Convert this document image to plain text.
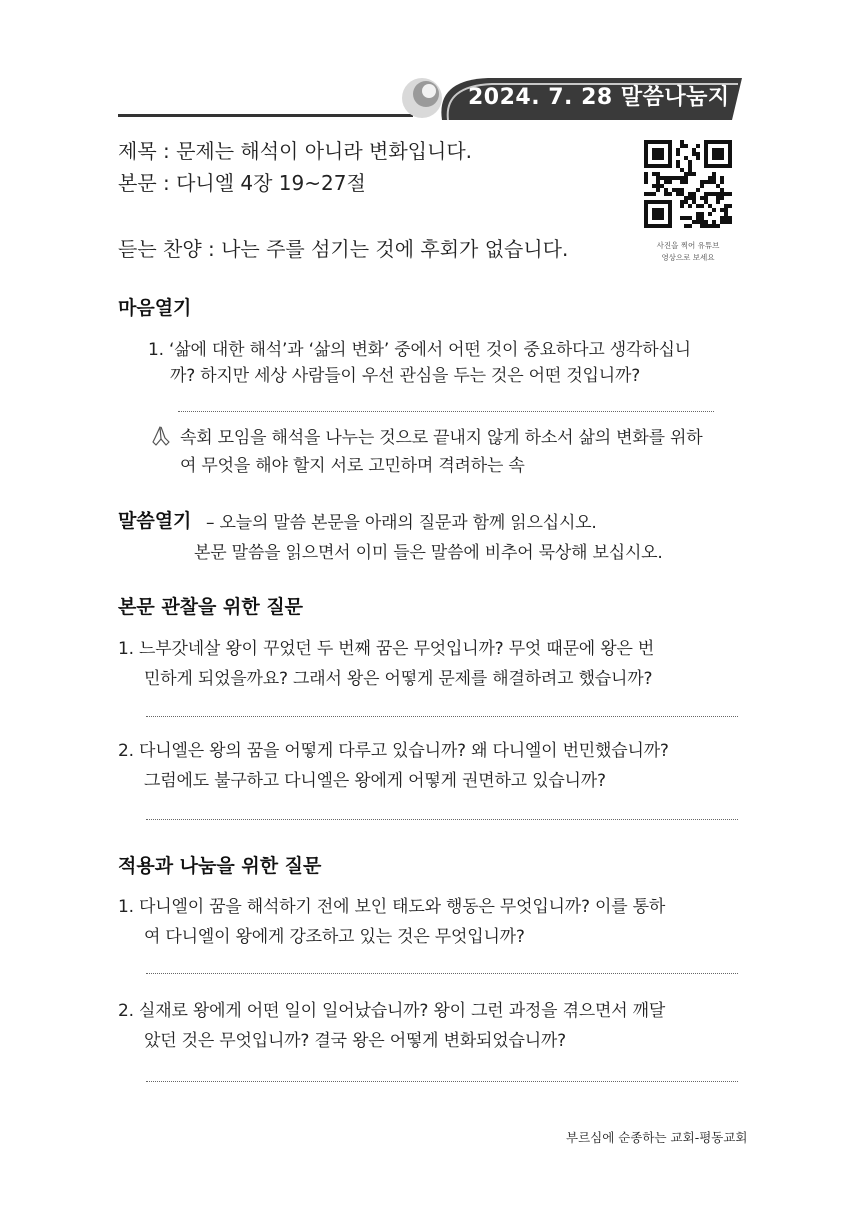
2024. 7. 28 말씀나눔지
제목 : 문제는 해석이 아니라 변화입니다.
본문 : 다니엘 4장 19~27절
듣는 찬양 : 나는 주를 섬기는 것에 후회가 없습니다.	사진을 찍어 유튜브
영상으로 보세요
마음열기
1. ‘삶에 대한 해석’과 ‘삶의 변화’ 중에서 어떤 것이 중요하다고 생각하십니
까? 하지만 세상 사람들이 우선 관심을 두는 것은 어떤 것입니까?
속회 모임을 해석을 나누는 것으로 끝내지 않게 하소서 삶의 변화를 위하
여 무엇을 해야 할지 서로 고민하며 격려하는 속
말씀열기 – 오늘의 말씀 본문을 아래의 질문과 함께 읽으십시오.
본문 말씀을 읽으면서 이미 들은 말씀에 비추어 묵상해 보십시오.
본문 관찰을 위한 질문
1. 느부갓네살 왕이 꾸었던 두 번째 꿈은 무엇입니까? 무엇 때문에 왕은 번
민하게 되었을까요? 그래서 왕은 어떻게 문제를 해결하려고 했습니까?
2. 다니엘은 왕의 꿈을 어떻게 다루고 있습니까? 왜 다니엘이 번민했습니까?
그럼에도 불구하고 다니엘은 왕에게 어떻게 권면하고 있습니까?
적용과 나눔을 위한 질문
1. 다니엘이 꿈을 해석하기 전에 보인 태도와 행동은 무엇입니까? 이를 통하
여 다니엘이 왕에게 강조하고 있는 것은 무엇입니까?
2. 실재로 왕에게 어떤 일이 일어났습니까? 왕이 그런 과정을 겪으면서 깨달
았던 것은 무엇입니까? 결국 왕은 어떻게 변화되었습니까?
부르심에 순종하는 교회-평동교회
